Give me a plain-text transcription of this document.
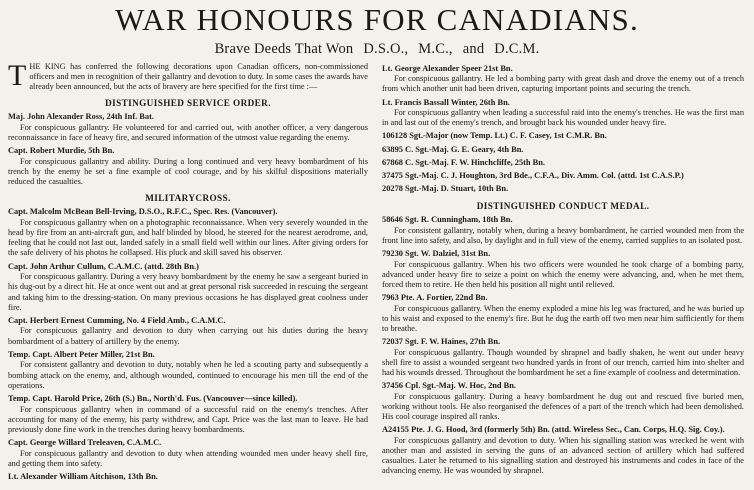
WAR HONOURS FOR CANADIANS.
Brave Deeds That Won D.S.O., M.C., and D.C.M.
T HE KING has conferred the following decorations upon Canadian officers, non-commissioned officers and men in recognition of their gallantry and devotion to duty. In some cases the awards have already been announced, but the acts of bravery are here specified for the first time :—

DISTINGUISHED SERVICE ORDER.

Maj. John Alexander Ross, 24th Inf. Bat.

For conspicuous gallantry. He volunteered for and carried out, with another officer, a very dangerous reconnaissance in face of heavy fire, and secured information of the utmost value regarding the enemy.

Capt. Robert Murdie, 5th Bn.

For conspicuous gallantry and ability. During a long continued and very heavy bombardment of his trench by the enemy he set a fine example of cool courage, and by his skilful dispositions materially reduced the casualties.

MILITARYCROSS.

Capt. Malcolm McBean Bell-Irving, D.S.O., R.F.C., Spec. Res. (Vancouver).

For conspicuous gallantry when on a photographic reconnaissance. When very severely wounded in the head by fire from an anti-aircraft gun, and half blinded by blood, he steered for the nearest aerodrome, and, feeling that he could not last out, landed safely in a small field well within our lines. After giving orders for the safe delivery of his photos he collapsed. His pluck and skill saved his observer.

Capt. John Arthur Cullum, C.A.M.C. (attd. 28th Bn.)

For conspicuous gallantry. During a very heavy bombardment by the enemy he saw a sergeant buried in his dug-out by a direct hit. He at once went out and at great personal risk succeeded in rescuing the sergeant and taking him to the dressing-station. On many previous occasions he has displayed great coolness under fire.

Capt. Herbert Ernest Cumming, No. 4 Field Amb., C.A.M.C.

For conspicuous gallantry and devotion to duty when carrying out his duties during the heavy bombardment of a battery of artillery by the enemy.

Temp. Capt. Albert Peter Miller, 21st Bn.

For consistent gallantry and devotion to duty, notably when he led a scouting party and subsequently a bombing attack on the enemy, and, although wounded, continued to encourage his men till the end of the operations.

Temp. Capt. Harold Price, 26th (S.) Bn., North'd. Fus. (Vancouver—since killed).

For conspicuous gallantry when in command of a successful raid on the enemy's trenches. After accounting for many of the enemy, his party withdrew, and Capt. Price was the last man to leave. He had previously done fine work in the trenches during heavy bombardments.

Capt. George Willard Treleaven, C.A.M.C.

For conspicuous gallantry and devotion to duty when attending wounded men under heavy shell fire, and getting them into safety.

Lt. Alexander William Aitchison, 13th Bn.

Lt. George Alexander Speer 21st Bn.

For conspicuous gallantry. He led a bombing party with great dash and drove the enemy out of a trench from which another unit had been driven, capturing important points and securing the trench.

Lt. Francis Bassall Winter, 26th Bn.

For conspicuous gallantry when leading a successful raid into the enemy's trenches. He was the first man in and last out of the enemy's trench, and brought back his wounded under heavy fire.

106128 Sgt.-Major (now Temp. Lt.) C. F. Casey, 1st C.M.R. Bn.

63895 C. Sgt.-Maj. G. E. Geary, 4th Bn.

67868 C. Sgt.-Maj. F. W. Hinchcliffe, 25th Bn.

37475 Sgt.-Maj. C. J. Houghton, 3rd Bde., C.F.A., Div. Amm. Col. (attd. 1st C.A.S.P.)

20278 Sgt.-Maj. D. Stuart, 10th Bn.

DISTINGUISHED CONDUCT MEDAL.

58646 Sgt. R. Cunningham, 18th Bn.

For consistent gallantry, notably when, during a heavy bombardment, he carried wounded men from the front line into safety, and also, by daylight and in full view of the enemy, carried supplies to an isolated post.

79230 Sgt. W. Dalziel, 31st Bn.

For conspicuous gallantry. When his two officers were wounded he took charge of a bombing party, advanced under heavy fire to seize a point on which the enemy were advancing, and, when he met them, forced them to retire. He then held his position all night until relieved.

7963 Pte. A. Fortier, 22nd Bn.

For conspicuous gallantry. When the enemy exploded a mine his leg was fractured, and he was buried up to his waist and exposed to the enemy's fire. But he dug the earth off two men near him sufficiently for them to breathe.

72037 Sgt. F. W. Haines, 27th Bn.

For conspicuous gallantry. Though wounded by shrapnel and badly shaken, he went out under heavy shell fire to assist a wounded sergeant two hundred yards in front of our trench, carried him into shelter and had his wounds dressed. Throughout the bombardment he set a fine example of coolness and determination.

37456 Cpl. Sgt.-Maj. W. Hoc, 2nd Bn.

For conspicuous gallantry. During a heavy bombardment he dug out and rescued five buried men, working without tools. He also reorganised the defences of a part of the trench which had been demolished. His cool courage inspired all ranks.

A24155 Pte. J. G. Hood, 3rd (formerly 5th) Bn. (attd. Wireless Sec., Can. Corps, H.Q. Sig. Coy.).

For conspicuous gallantry and devotion to duty. When his signalling station was wrecked he went with another man and assisted in serving the guns of an advanced section of artillery which had suffered casualties. Later he returned to his signalling station and destroyed his instruments and codes in face of the advancing enemy. He was wounded by shrapnel.
